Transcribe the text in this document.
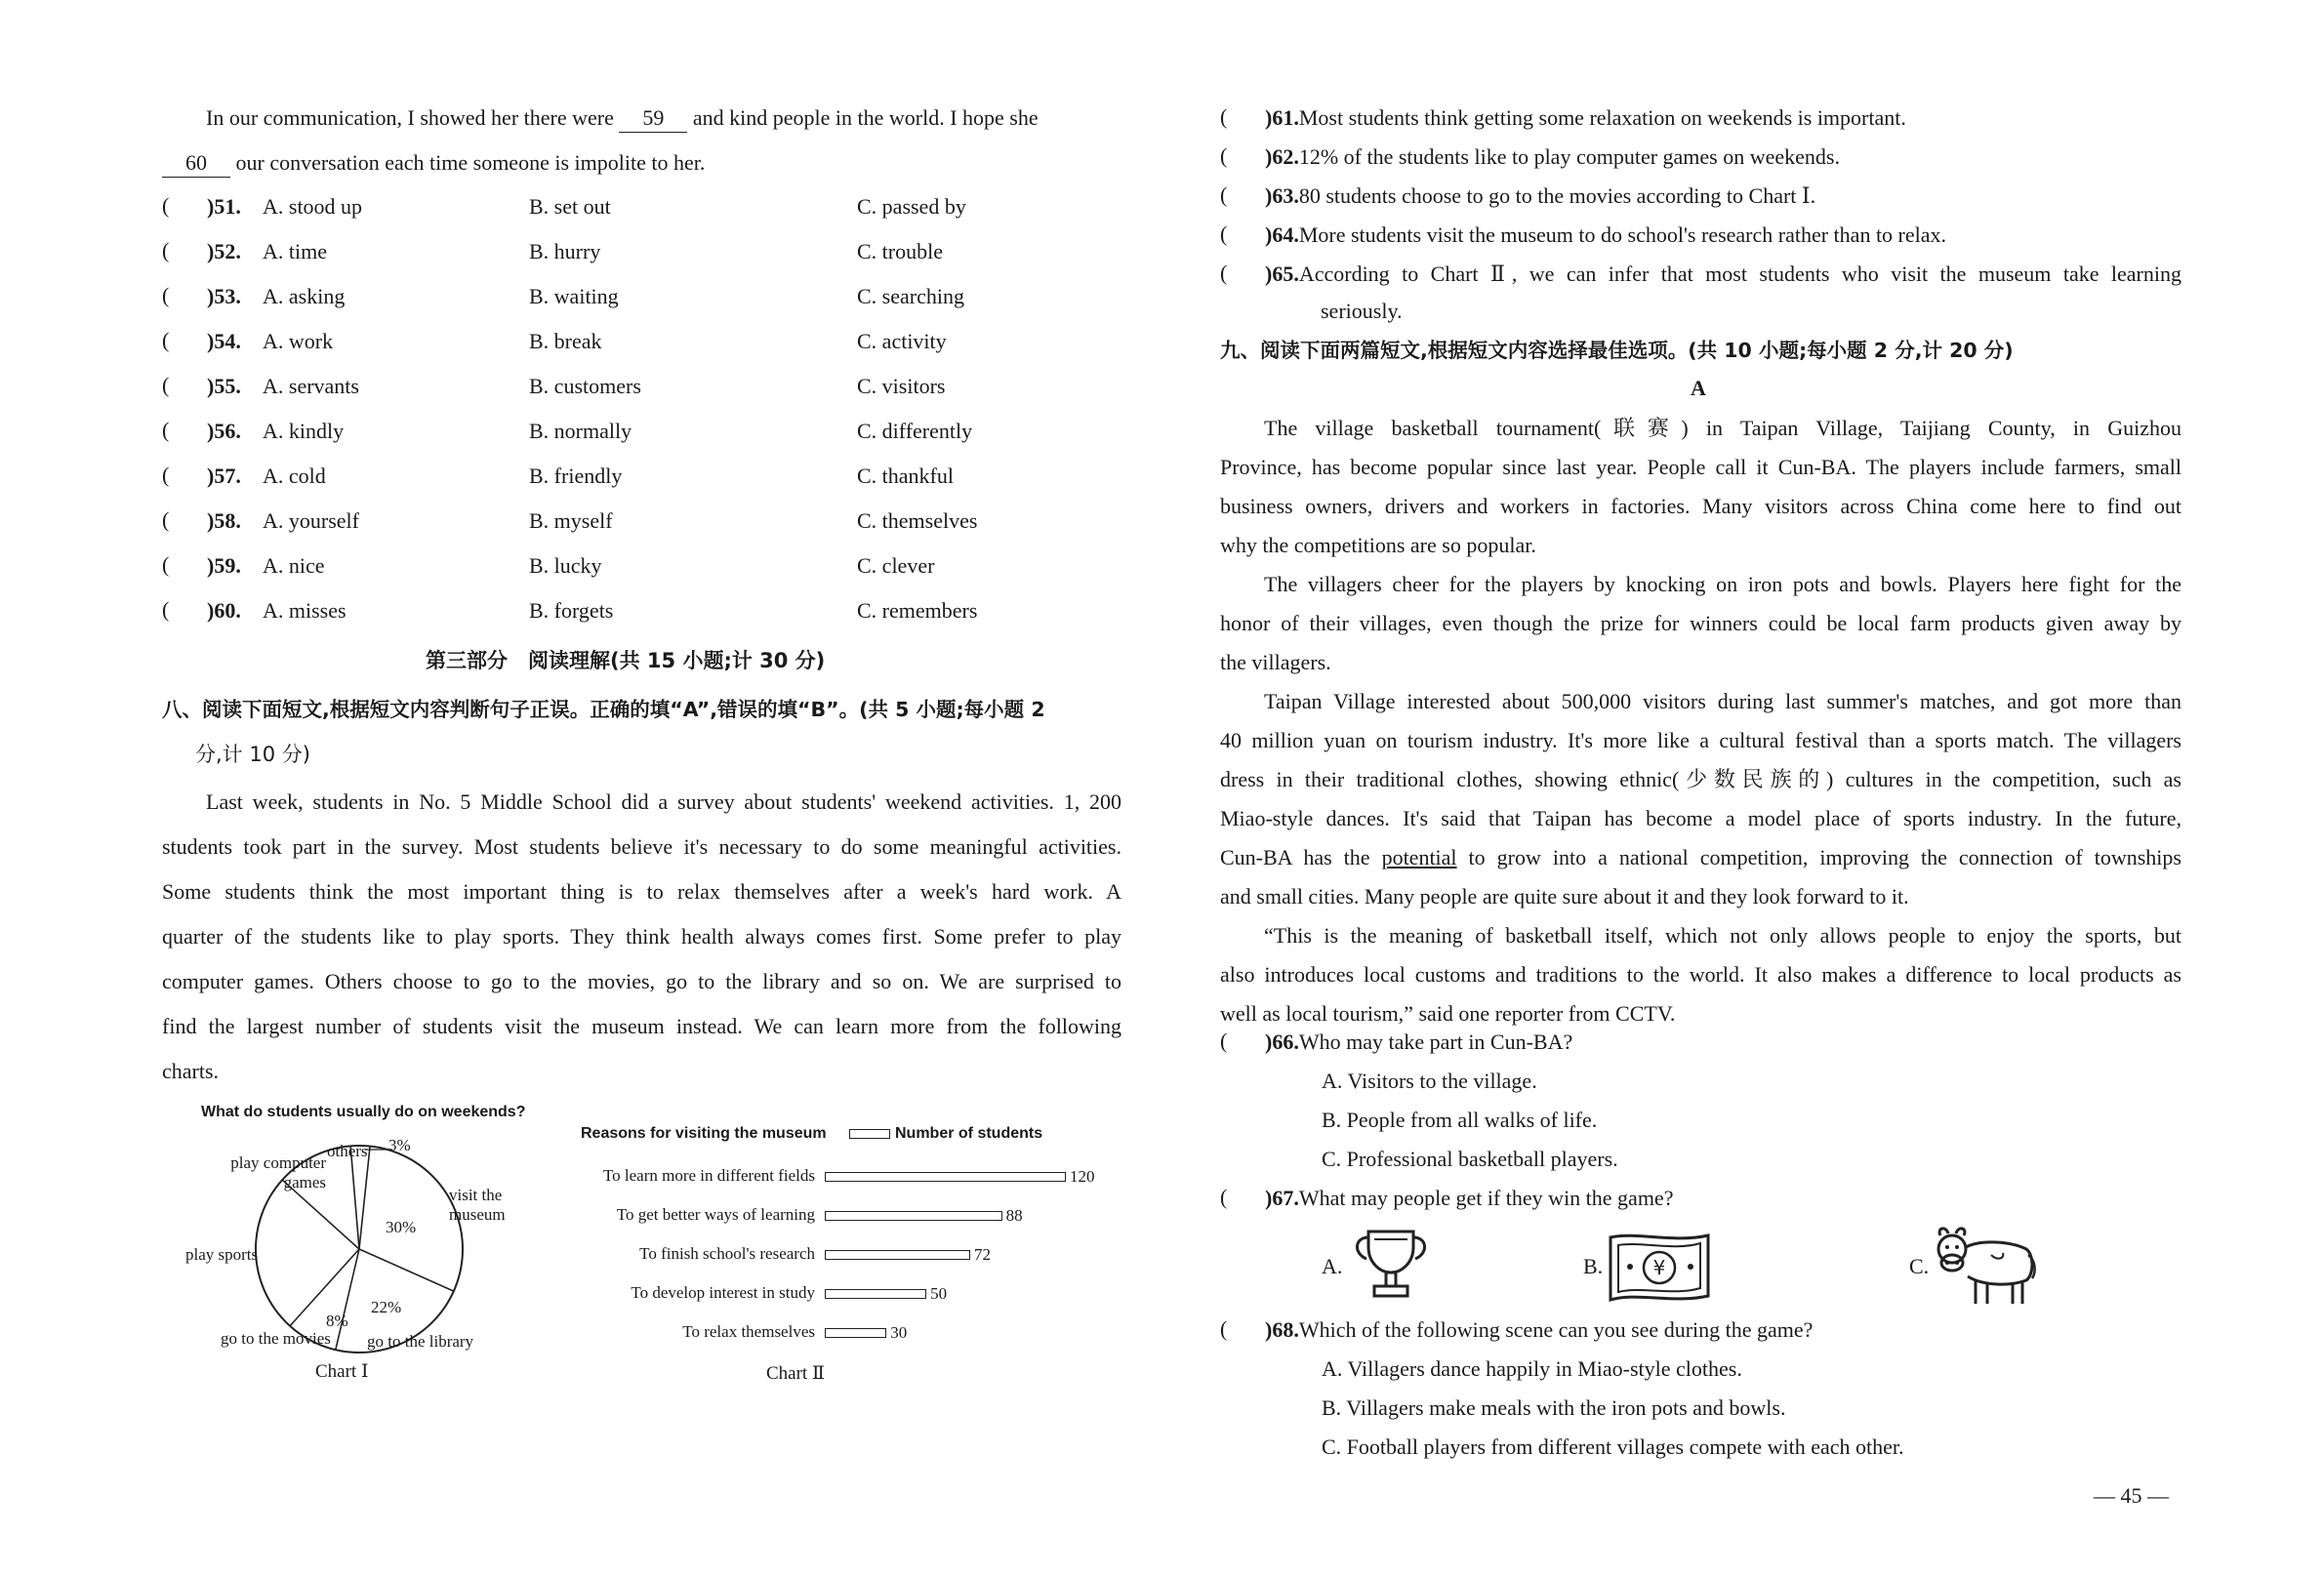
In our communication, I showed her there were 59 and kind people in the world. I hope she
60 our conversation each time someone is impolite to her.
( )51. A. stood up	B. set out	C. passed by
( )52. A. time	B. hurry	C. trouble
( )53. A. asking	B. waiting	C. searching
( )54. A. work	B. break	C. activity
( )55. A. servants	B. customers	C. visitors
( )56. A. kindly	B. normally	C. differently
( )57. A. cold	B. friendly	C. thankful
( )58. A. yourself	B. myself	C. themselves
( )59. A. nice	B. lucky	C. clever
( )60. A. misses	B. forgets	C. remembers
第三部分　阅读理解(共 15 小题;计 30 分)
八、阅读下面短文,根据短文内容判断句子正误。正确的填“A”,错误的填“B”。(共 5 小题;每小题 2
分,计 10 分)
Last week, students in No. 5 Middle School did a survey about students' weekend activities. 1, 200
students took part in the survey. Most students believe it's necessary to do some meaningful activities.
Some students think the most important thing is to relax themselves after a week's hard work. A
quarter of the students like to play sports. They think health always comes first. Some prefer to play
computer games. Others choose to go to the movies, go to the library and so on. We are surprised to
find the largest number of students visit the museum instead. We can learn more from the following
charts.
What do students usually do on weekends?
others 3%
play computer games
visit the museum
30%
play sports
22%
8%
go to the movies go to the library
Chart Ⅰ
Reasons for visiting the museum	Number of students
To learn more in different fields	120
To get better ways of learning	88
To finish school's research	72
To develop interest in study	50
To relax themselves	30
Chart Ⅱ
( )61.Most students think getting some relaxation on weekends is important.
( )62.12% of the students like to play computer games on weekends.
( )63.80 students choose to go to the movies according to Chart Ⅰ.
( )64.More students visit the museum to do school's research rather than to relax.
( )65.According to Chart Ⅱ, we can infer that most students who visit the museum take learning
seriously.
九、阅读下面两篇短文,根据短文内容选择最佳选项。(共 10 小题;每小题 2 分,计 20 分)
A
The village basketball tournament(联赛) in Taipan Village, Taijiang County, in Guizhou
Province, has become popular since last year. People call it Cun-BA. The players include farmers, small
business owners, drivers and workers in factories. Many visitors across China come here to find out
why the competitions are so popular.
The villagers cheer for the players by knocking on iron pots and bowls. Players here fight for the
honor of their villages, even though the prize for winners could be local farm products given away by
the villagers.
Taipan Village interested about 500,000 visitors during last summer's matches, and got more than
40 million yuan on tourism industry. It's more like a cultural festival than a sports match. The villagers
dress in their traditional clothes, showing ethnic(少数民族的) cultures in the competition, such as
Miao-style dances. It's said that Taipan has become a model place of sports industry. In the future,
Cun-BA has the potential to grow into a national competition, improving the connection of townships
and small cities. Many people are quite sure about it and they look forward to it.
“This is the meaning of basketball itself, which not only allows people to enjoy the sports, but
also introduces local customs and traditions to the world. It also makes a difference to local products as
well as local tourism,” said one reporter from CCTV.
( )66.Who may take part in Cun-BA?
A. Visitors to the village.
B. People from all walks of life.
C. Professional basketball players.
( )67.What may people get if they win the game?
A.	B.	¥	C.
( )68.Which of the following scene can you see during the game?
A. Villagers dance happily in Miao-style clothes.
B. Villagers make meals with the iron pots and bowls.
C. Football players from different villages compete with each other.
— 45 —
